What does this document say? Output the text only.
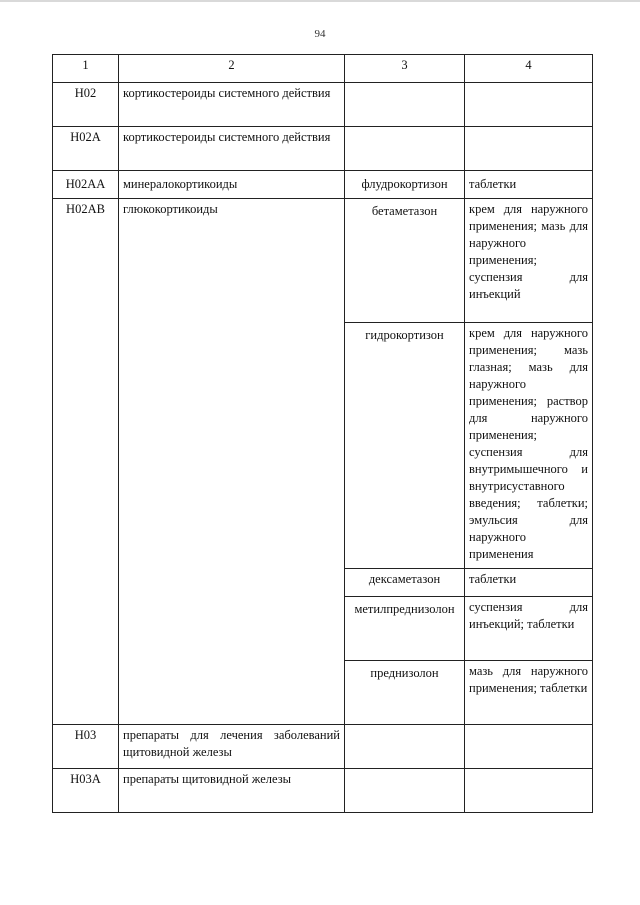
94
1	2	3	4
H02	кортикостероиды системного действия		
H02A	кортикостероиды системного действия		
H02AA	минералокортикоиды	флудрокортизон	таблетки
H02AB	глюкокортикоиды	бетаметазон	крем для наружного применения; мазь для наружного применения; суспензия для инъекций
		гидрокортизон	крем для наружного применения; мазь глазная; мазь для наружного применения; раствор для наружного применения; суспензия для внутримышечного и внутрисуставного введения; таблетки; эмульсия для наружного применения
		дексаметазон	таблетки
		метилпреднизолон	суспензия для инъекций; таблетки
		преднизолон	мазь для наружного применения; таблетки
H03	препараты для лечения заболеваний щитовидной железы		
H03A	препараты щитовидной железы		
